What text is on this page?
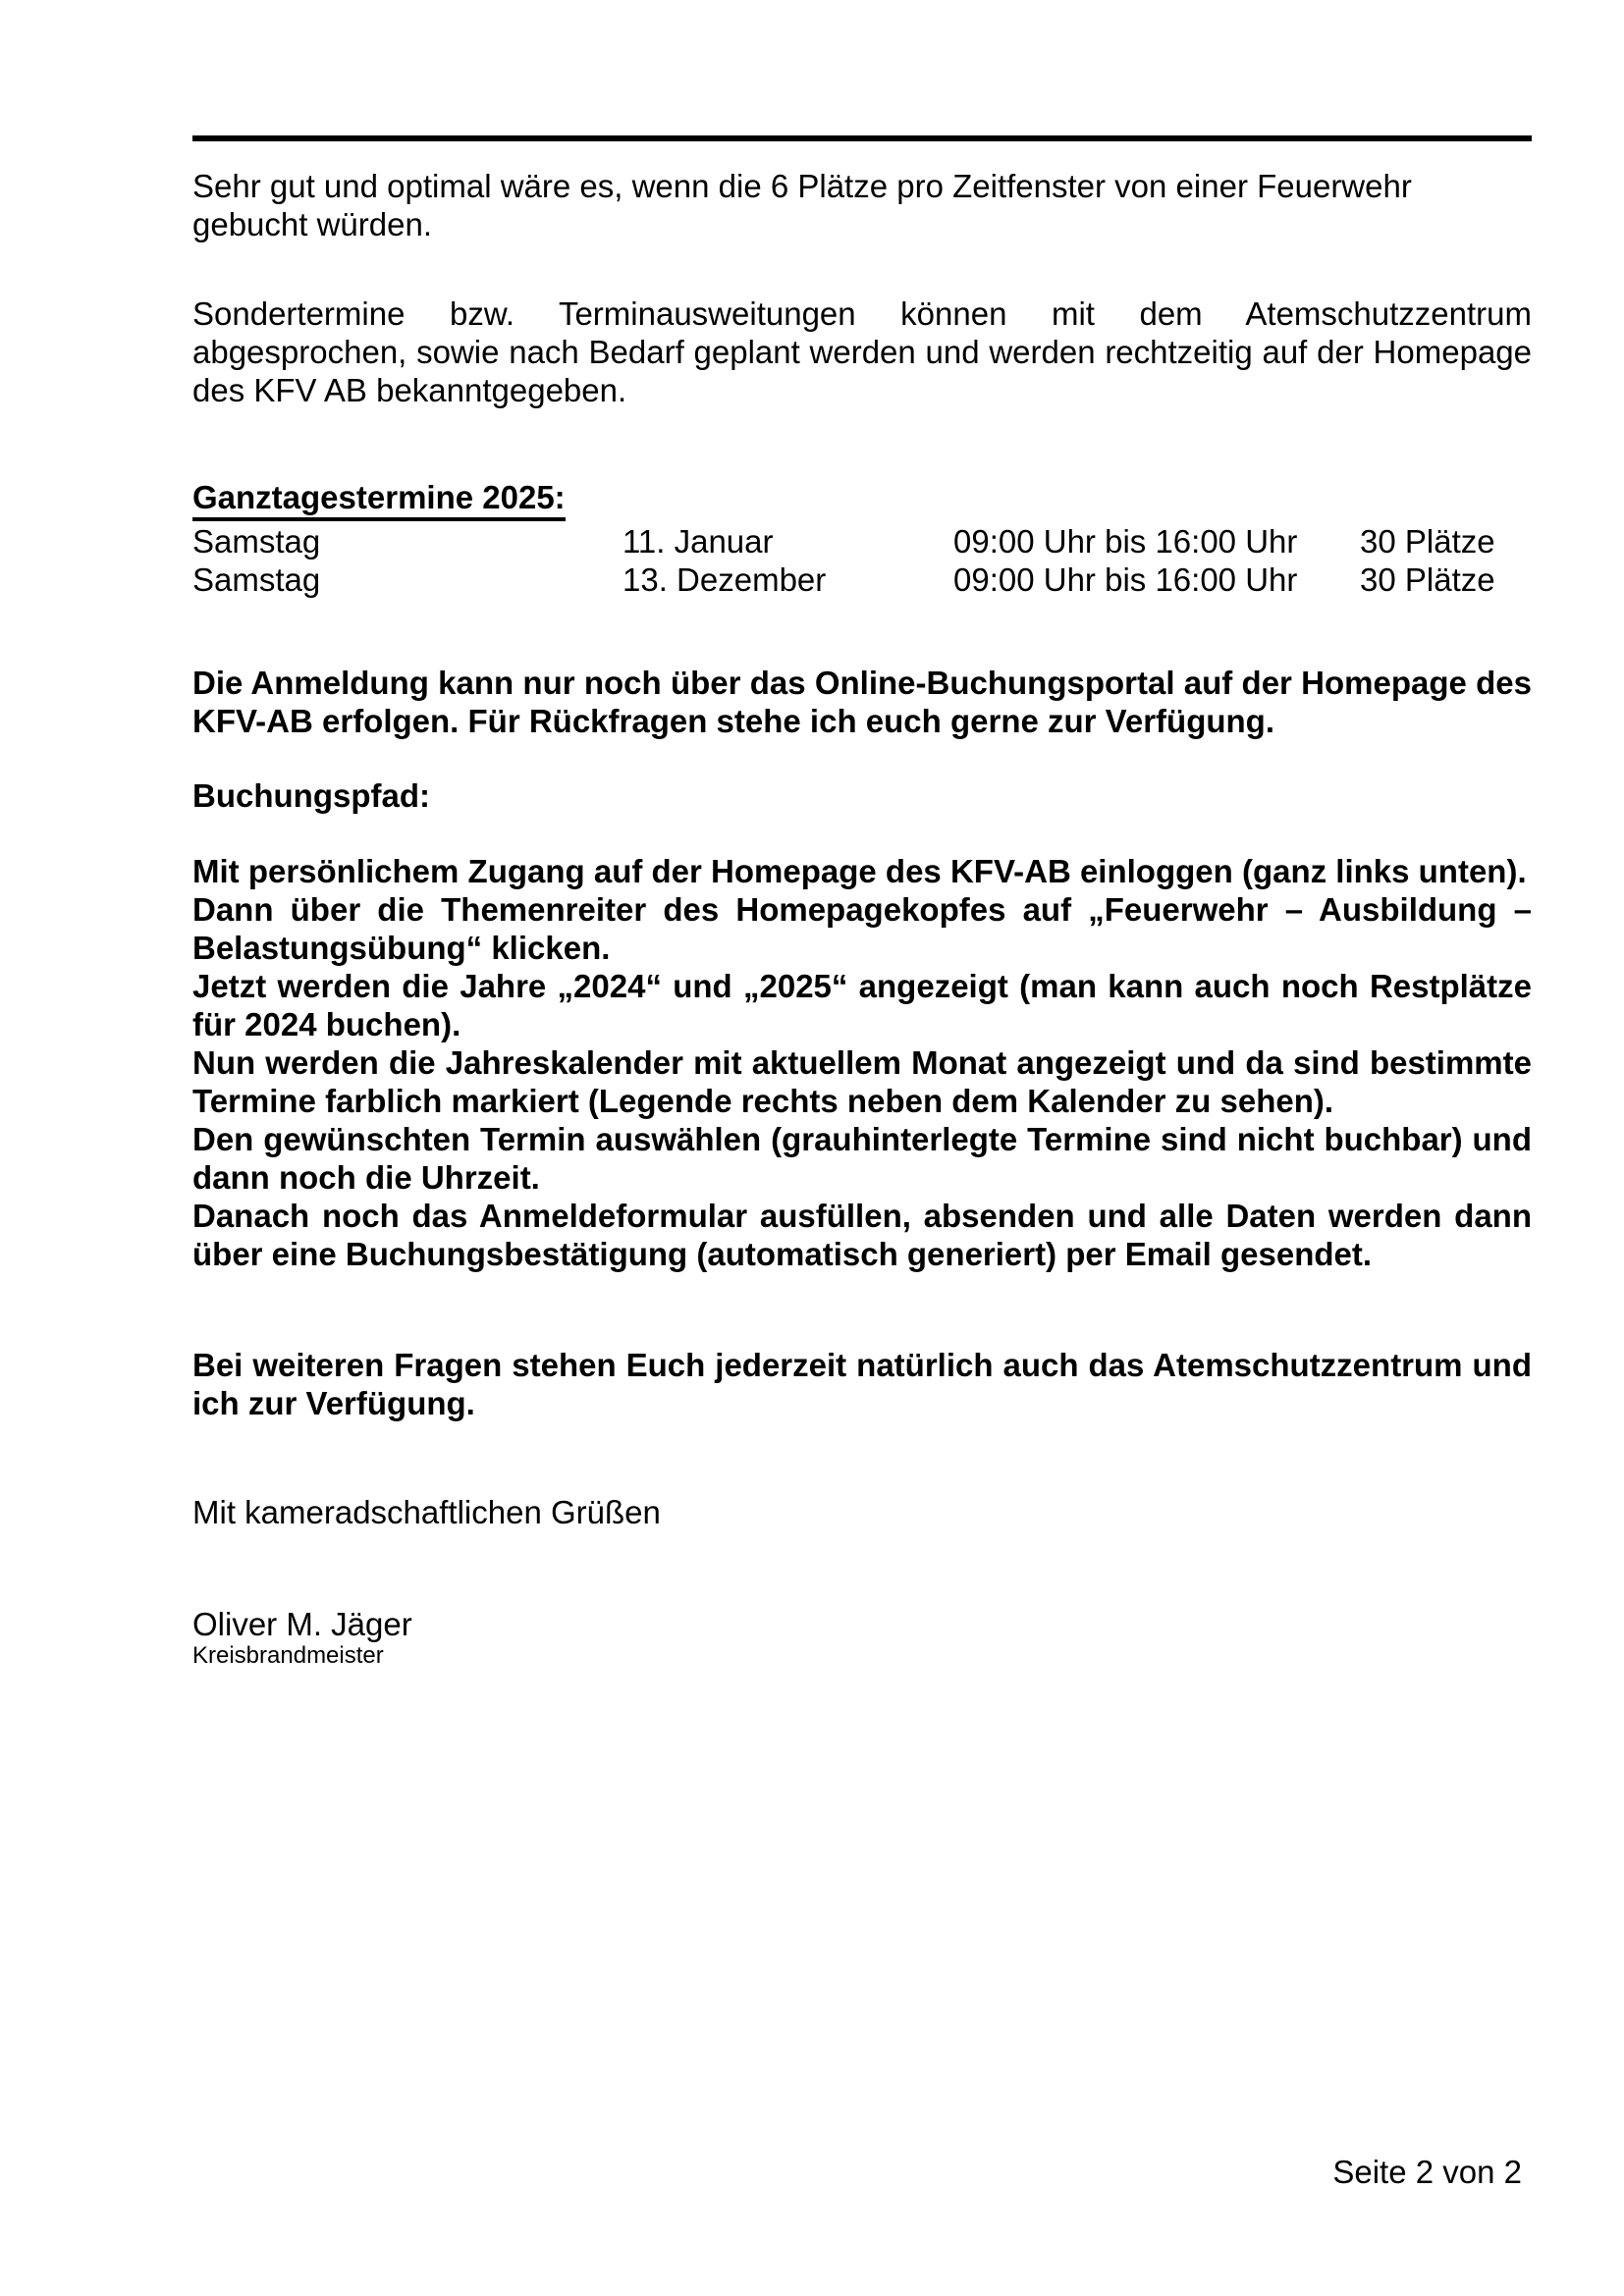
Sehr gut und optimal wäre es, wenn die 6 Plätze pro Zeitfenster von einer Feuerwehr gebucht würden.

Sondertermine bzw. Terminausweitungen können mit dem Atemschutzzentrum abgesprochen, sowie nach Bedarf geplant werden und werden rechtzeitig auf der Homepage des KFV AB bekanntgegeben.

Ganztagestermine 2025:
Samstag	11. Januar	09:00 Uhr bis 16:00 Uhr	30 Plätze
Samstag	13. Dezember	09:00 Uhr bis 16:00 Uhr	30 Plätze

Die Anmeldung kann nur noch über das Online-Buchungsportal auf der Homepage des KFV-AB erfolgen. Für Rückfragen stehe ich euch gerne zur Verfügung.

Buchungspfad:

Mit persönlichem Zugang auf der Homepage des KFV-AB einloggen (ganz links unten).

Dann über die Themenreiter des Homepagekopfes auf „Feuerwehr – Ausbildung – Belastungsübung“ klicken.

Jetzt werden die Jahre „2024“ und „2025“ angezeigt (man kann auch noch Restplätze für 2024 buchen).

Nun werden die Jahreskalender mit aktuellem Monat angezeigt und da sind bestimmte Termine farblich markiert (Legende rechts neben dem Kalender zu sehen).

Den gewünschten Termin auswählen (grauhinterlegte Termine sind nicht buchbar) und dann noch die Uhrzeit.

Danach noch das Anmeldeformular ausfüllen, absenden und alle Daten werden dann über eine Buchungsbestätigung (automatisch generiert) per Email gesendet.

Bei weiteren Fragen stehen Euch jederzeit natürlich auch das Atemschutzzentrum und ich zur Verfügung.

Mit kameradschaftlichen Grüßen

Oliver M. Jäger

Kreisbrandmeister

Seite 2 von 2
